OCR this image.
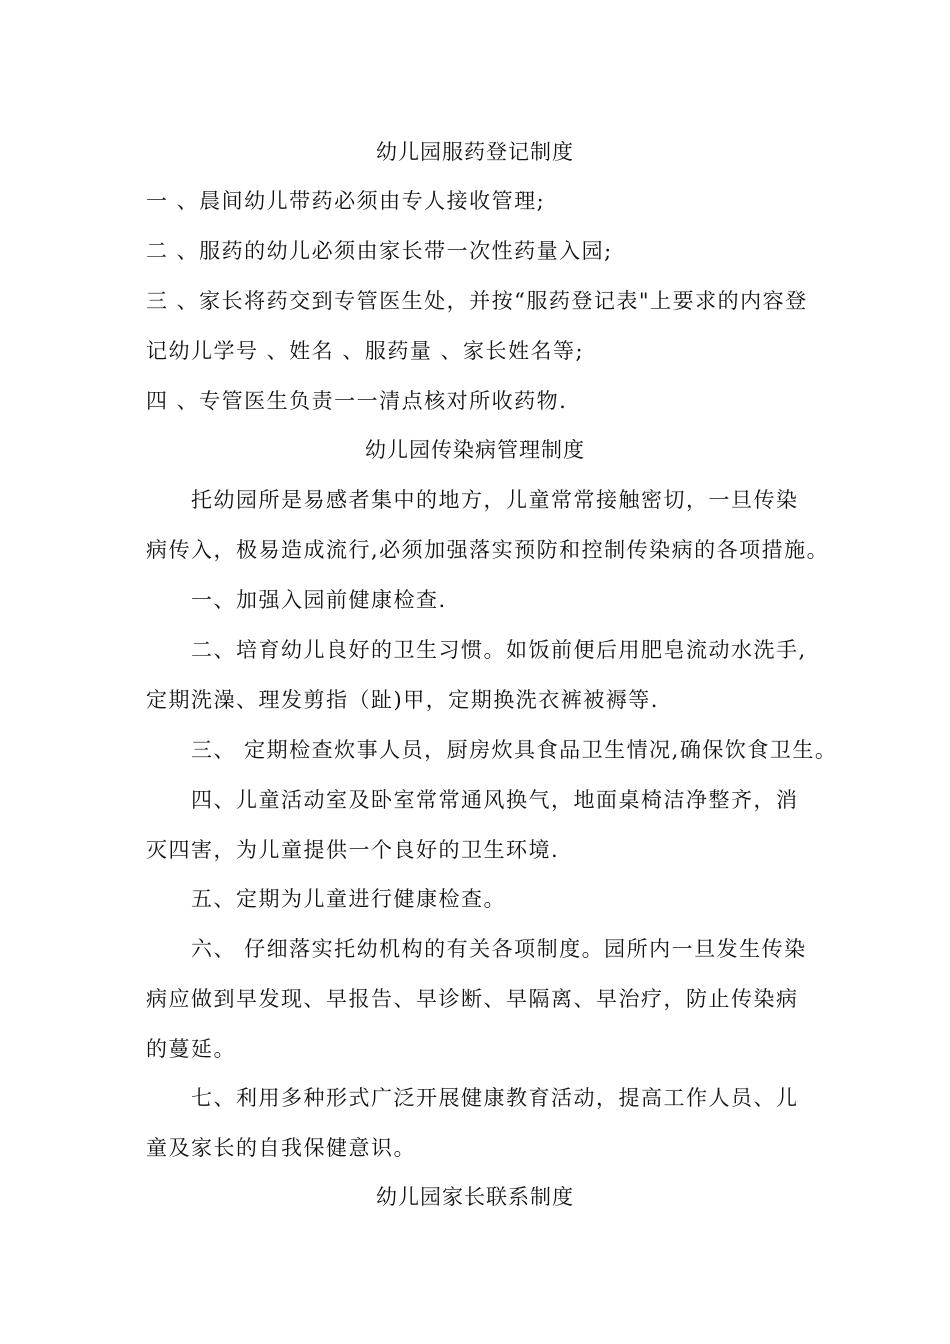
幼儿园服药登记制度
一 、晨间幼儿带药必须由专人接收管理;
二 、服药的幼儿必须由家长带一次性药量入园;
三 、家长将药交到专管医生处，并按“服药登记表"上要求的内容登
记幼儿学号 、姓名 、服药量 、家长姓名等;
四 、专管医生负责一一清点核对所收药物.
幼儿园传染病管理制度
托幼园所是易感者集中的地方，儿童常常接触密切，一旦传染
病传入，极易造成流行,必须加强落实预防和控制传染病的各项措施。
一、加强入园前健康检查.
二、培育幼儿良好的卫生习惯。如饭前便后用肥皂流动水洗手,
定期洗澡、理发剪指（趾)甲，定期换洗衣裤被褥等.
三、 定期检查炊事人员，厨房炊具食品卫生情况,确保饮食卫生。
四、儿童活动室及卧室常常通风换气，地面桌椅洁净整齐，消
灭四害，为儿童提供一个良好的卫生环境.
五、定期为儿童进行健康检查。
六、 仔细落实托幼机构的有关各项制度。园所内一旦发生传染
病应做到早发现、早报告、早诊断、早隔离、早治疗，防止传染病
的蔓延。
七、利用多种形式广泛开展健康教育活动，提高工作人员、儿
童及家长的自我保健意识。
幼儿园家长联系制度
